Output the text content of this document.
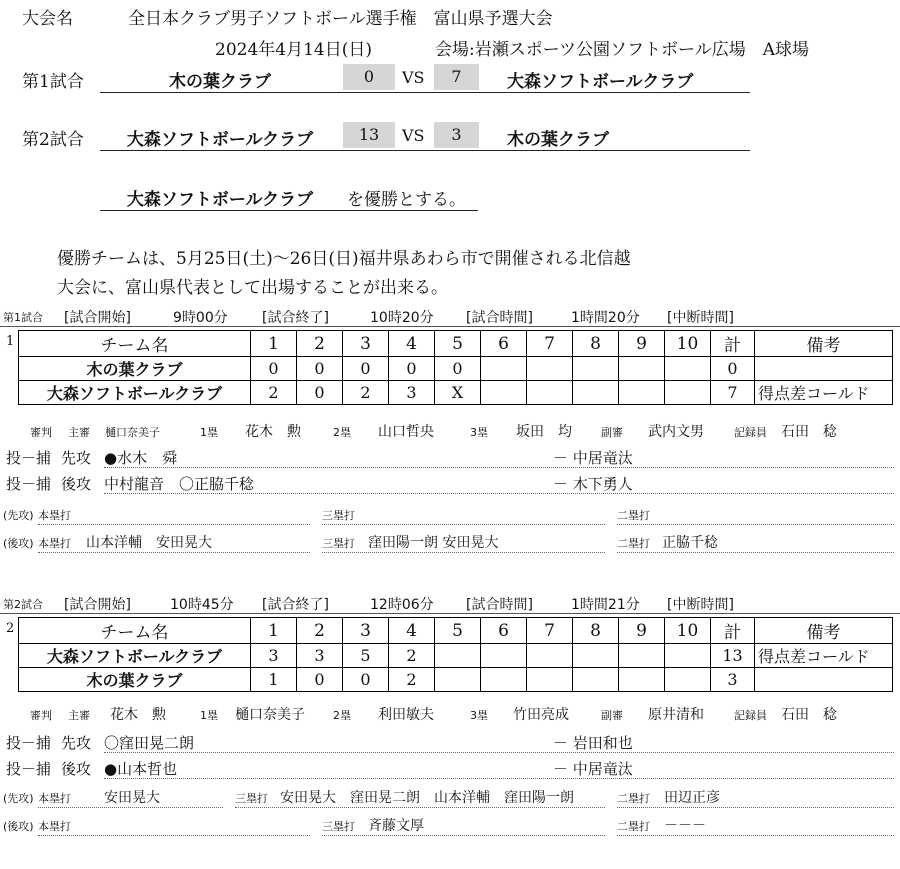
大会名	全日本クラブ男子ソフトボール選手権　富山県予選大会
2024年4月14日(日)	会場:岩瀬スポーツ公園ソフトボール広場　A球場
第1試合	木の葉クラブ	0	VS	7	大森ソフトボールクラブ
第2試合	大森ソフトボールクラブ	13	VS	3	木の葉クラブ
大森ソフトボールクラブ	を優勝とする。
優勝チームは、5月25日(土)～26日(日)福井県あわら市で開催される北信越
大会に、富山県代表として出場することが出来る。
第1試合 [試合開始]	9時00分 [試合終了]	10時20分 [試合時間]	1時間20分 [中断時間]
1	チーム名	1	2	3	4	5	6	7	8	9	10	計	備考
木の葉クラブ	0	0	0	0	0						0	
大森ソフトボールクラブ	2	0	2	3	X						7	得点差コールド
審判 主審 樋口奈美子	1塁 花木　勲	2塁 山口哲央	3塁 坂田　均	副審 武内文男	記録員 石田　稔
投－捕 先攻 ●水木　舜	－ 中居竜汰
投－捕 後攻 中村龍音　〇正脇千稔	－ 木下勇人
(先攻) 本塁打	三塁打	二塁打
(後攻) 本塁打 山本洋輔　安田晃大	三塁打 窪田陽一朗 安田晃大	二塁打 正脇千稔
第2試合 [試合開始]	10時45分 [試合終了]	12時06分 [試合時間]	1時間21分 [中断時間]
2	チーム名	1	2	3	4	5	6	7	8	9	10	計	備考
大森ソフトボールクラブ	3	3	5	2							13	得点差コールド
木の葉クラブ	1	0	0	2							3	
審判 主審 花木　勲	1塁 樋口奈美子	2塁 利田敏夫	3塁 竹田亮成	副審 原井清和	記録員 石田　稔
投－捕 先攻 〇窪田晃二朗	－ 岩田和也
投－捕 後攻 ●山本哲也	－ 中居竜汰
(先攻) 本塁打 安田晃大	三塁打 安田晃大　窪田晃二朗　山本洋輔　窪田陽一朗	二塁打 田辺正彦
(後攻) 本塁打	三塁打 斉藤文厚	二塁打 －－－
